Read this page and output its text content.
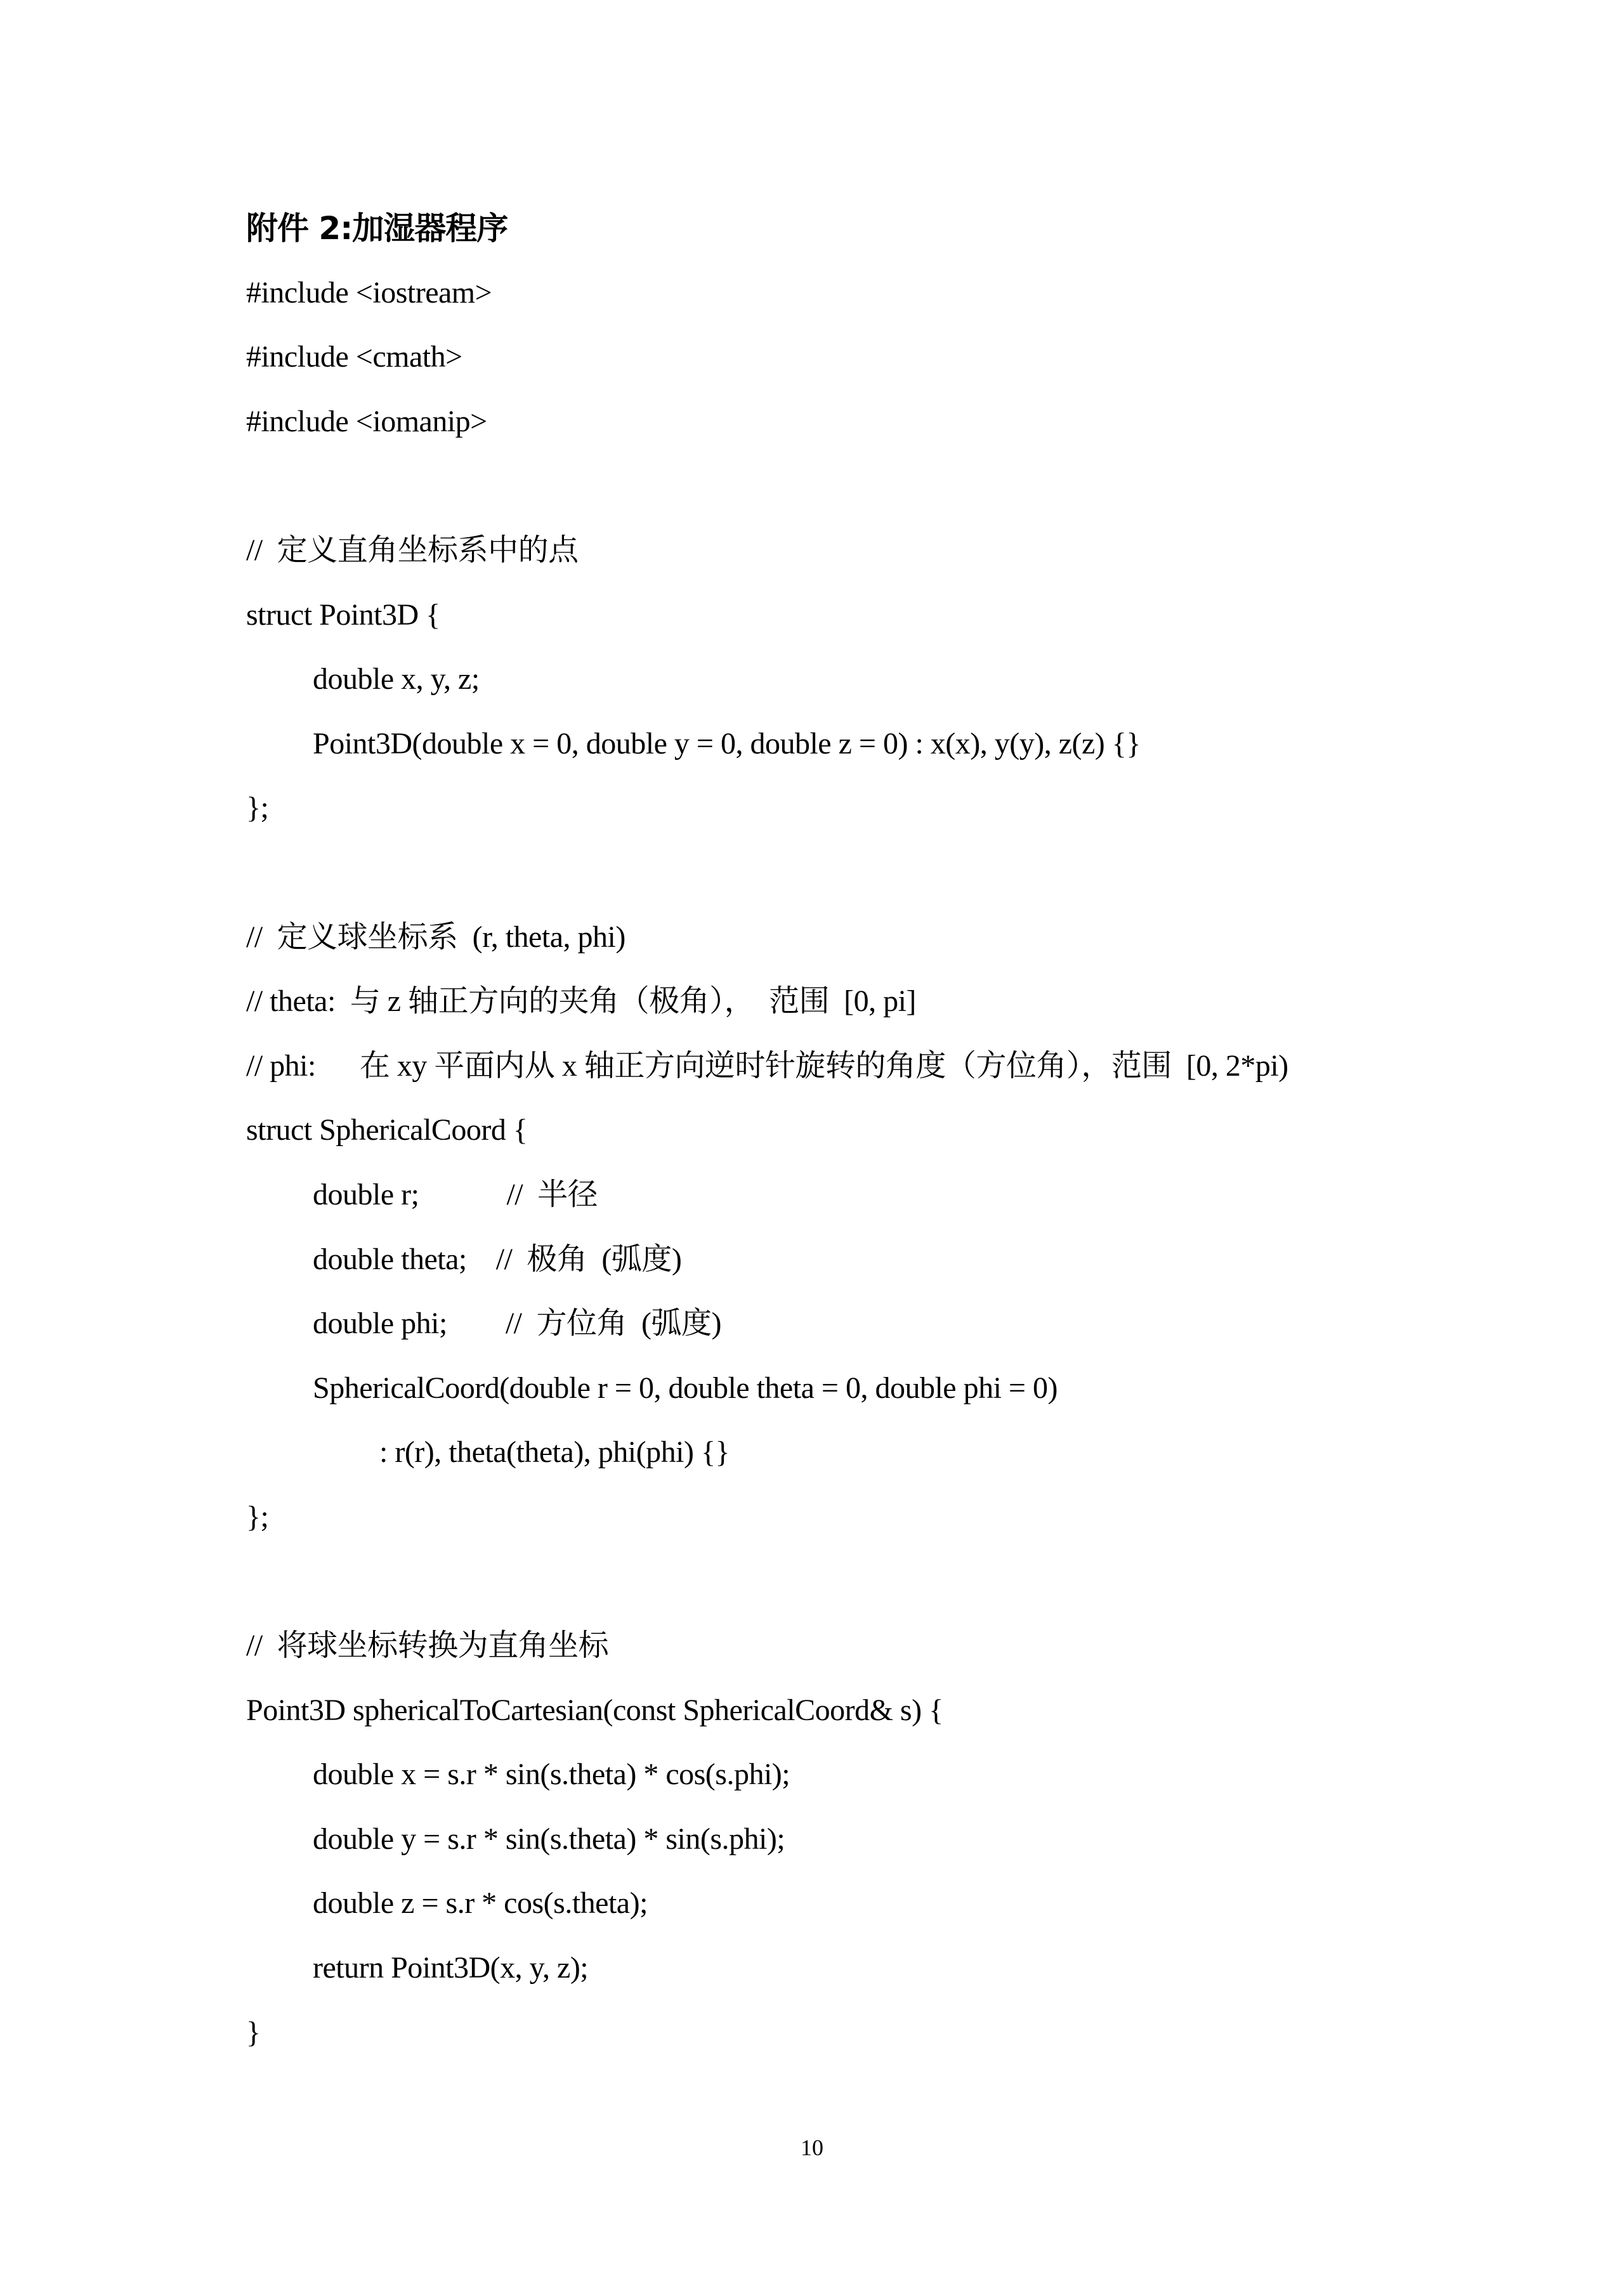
附件 2:加湿器程序
#include <iostream>
#include <cmath>
#include <iomanip>
//  定义直角坐标系中的点
struct Point3D {
double x, y, z;
Point3D(double x = 0, double y = 0, double z = 0) : x(x), y(y), z(z) {}
};
//  定义球坐标系  (r, theta, phi)
// theta:  与 z 轴正方向的夹角（极角），  范围  [0, pi]
// phi:      在 xy 平面内从 x 轴正方向逆时针旋转的角度（方位角），范围  [0, 2*pi)
struct SphericalCoord {
double r;            //  半径
double theta;    //  极角  (弧度)
double phi;        //  方位角  (弧度)
SphericalCoord(double r = 0, double theta = 0, double phi = 0)
: r(r), theta(theta), phi(phi) {}
};
//  将球坐标转换为直角坐标
Point3D sphericalToCartesian(const SphericalCoord& s) {
double x = s.r * sin(s.theta) * cos(s.phi);
double y = s.r * sin(s.theta) * sin(s.phi);
double z = s.r * cos(s.theta);
return Point3D(x, y, z);
}
10
